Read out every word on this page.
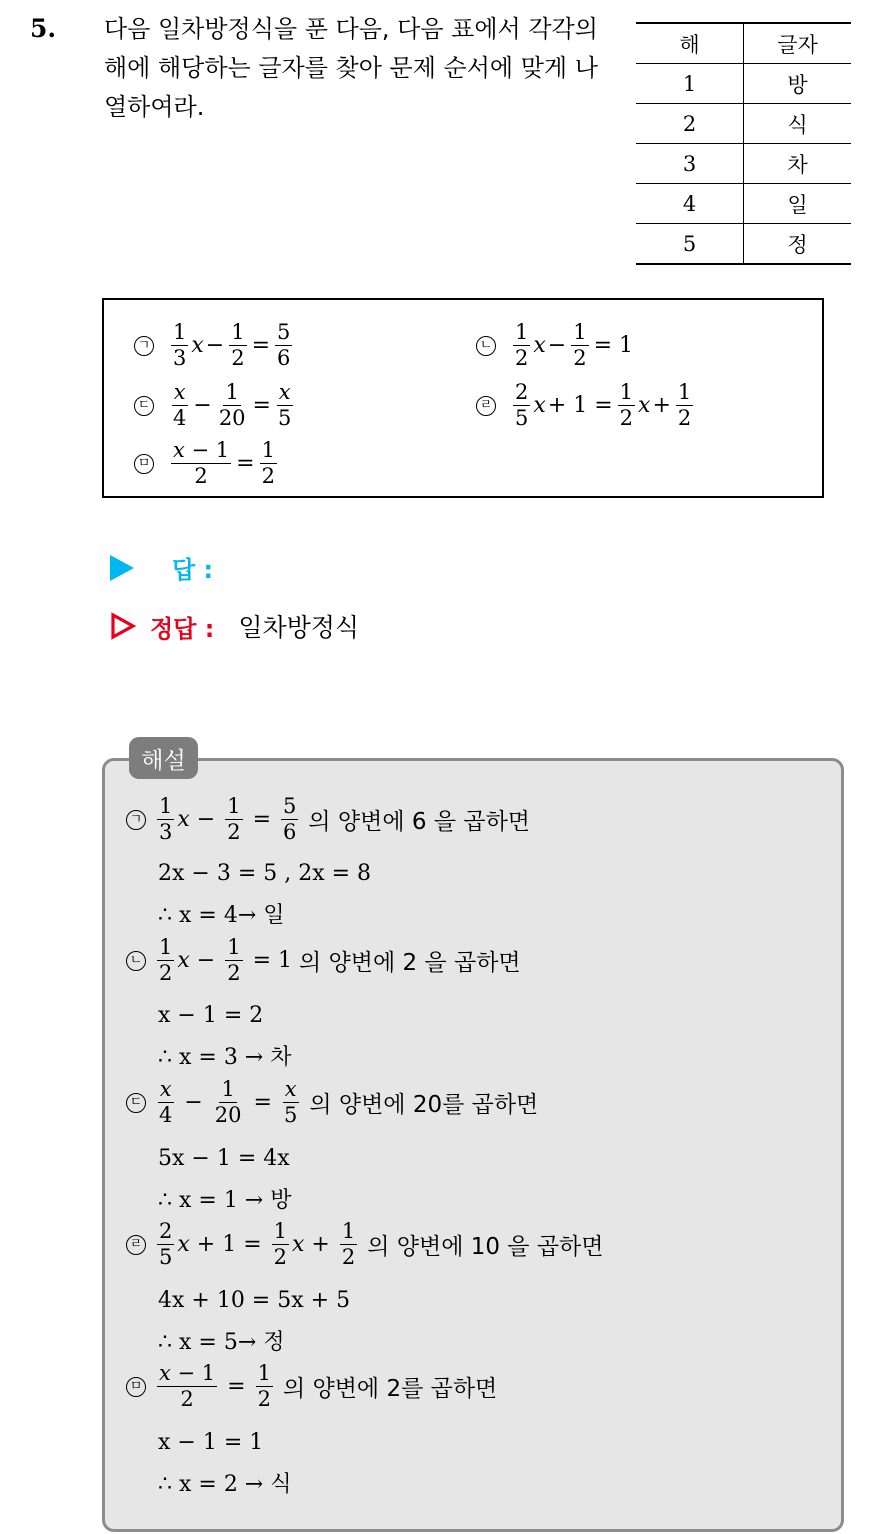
5. 다음 일차방정식을 푼 다음, 다음 표에서 각각의 해에 해당하는 글자를 찾아 문제 순서에 맞게 나열하여라.
해	글자
1	방
2	식
3	차
4	일
5	정
ㄱ $\frac{1}{3}$ $x - \frac{1}{2} = \frac{5}{6}$	ㄴ $\frac{1}{2}$ $x - \frac{1}{2} = 1$
ㄷ $\frac{x}{4} - \frac{1}{20} = \frac{x}{5}$	ㄹ $\frac{2}{5}$ $x + 1 = \frac{1}{2}$ $x + \frac{1}{2}$
ㅁ $\frac{x - 1}{2} = \frac{1}{2}$
답 :
정답 : 일차방정식
해설
ㄱ $\frac{1}{3}$ $x - \frac{1}{2} = \frac{5}{6}$
의 양변에 6 을 곱하면
2x − 3 = 5 , 2x = 8
∴ x = 4→ 일
ㄴ $\frac{1}{2}$ $x - \frac{1}{2} = 1$ 의 양변에 2 을 곱하면
x − 1 = 2
∴ x = 3 → 차
ㄷ $\frac{x}{4} - \frac{1}{20} = \frac{x}{5}$
의 양변에 20를 곱하면
5x − 1 = 4x
∴ x = 1 → 방
ㄹ $\frac{2}{5}$ $x + 1 = \frac{1}{2}$ $x + \frac{1}{2}$
의 양변에 10 을 곱하면
4x + 10 = 5x + 5
∴ x = 5→ 정
ㅁ $\frac{x - 1}{2} = \frac{1}{2}$
의 양변에 2를 곱하면
x − 1 = 1
∴ x = 2 → 식
